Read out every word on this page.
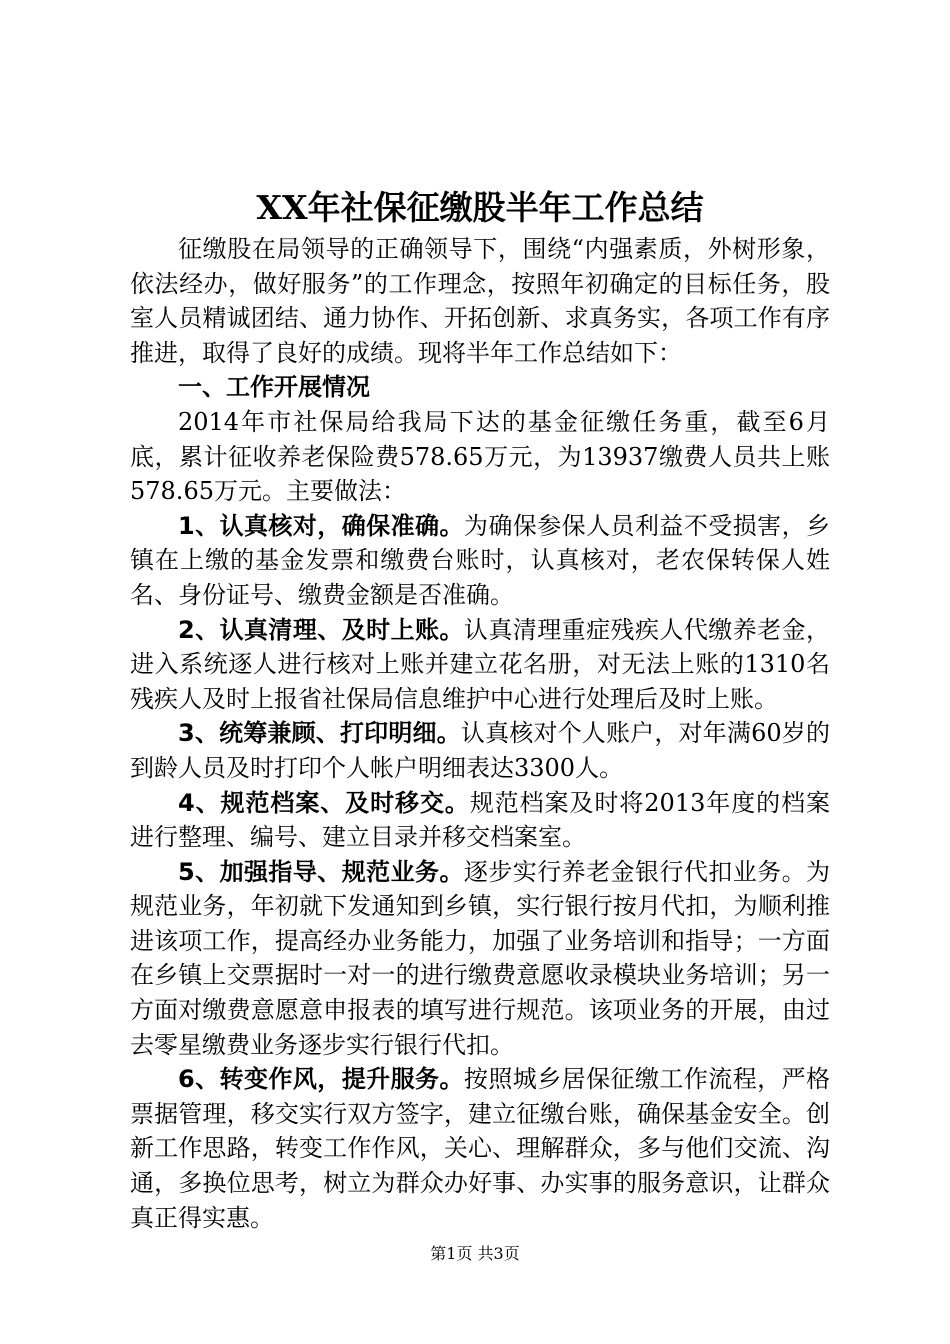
XX年社保征缴股半年工作总结

征缴股在局领导的正确领导下，围绕“内强素质，外树形象，依法经办，做好服务”的工作理念，按照年初确定的目标任务，股室人员精诚团结、通力协作、开拓创新、求真务实，各项工作有序推进，取得了良好的成绩。现将半年工作总结如下：

一、工作开展情况

2014年市社保局给我局下达的基金征缴任务重，截至6月底，累计征收养老保险费578.65万元，为13937缴费人员共上账578.65万元。主要做法：

1、认真核对，确保准确。为确保参保人员利益不受损害，乡镇在上缴的基金发票和缴费台账时，认真核对，老农保转保人姓名、身份证号、缴费金额是否准确。

2、认真清理、及时上账。认真清理重症残疾人代缴养老金，进入系统逐人进行核对上账并建立花名册，对无法上账的1310名残疾人及时上报省社保局信息维护中心进行处理后及时上账。

3、统筹兼顾、打印明细。认真核对个人账户，对年满60岁的到龄人员及时打印个人帐户明细表达3300人。

4、规范档案、及时移交。规范档案及时将2013年度的档案进行整理、编号、建立目录并移交档案室。

5、加强指导、规范业务。逐步实行养老金银行代扣业务。为规范业务，年初就下发通知到乡镇，实行银行按月代扣，为顺利推进该项工作，提高经办业务能力，加强了业务培训和指导；一方面在乡镇上交票据时一对一的进行缴费意愿收录模块业务培训；另一方面对缴费意愿意申报表的填写进行规范。该项业务的开展，由过去零星缴费业务逐步实行银行代扣。

6、转变作风，提升服务。按照城乡居保征缴工作流程，严格票据管理，移交实行双方签字，建立征缴台账，确保基金安全。创新工作思路，转变工作作风，关心、理解群众，多与他们交流、沟通，多换位思考，树立为群众办好事、办实事的服务意识，让群众真正得实惠。

第1页 共3页
